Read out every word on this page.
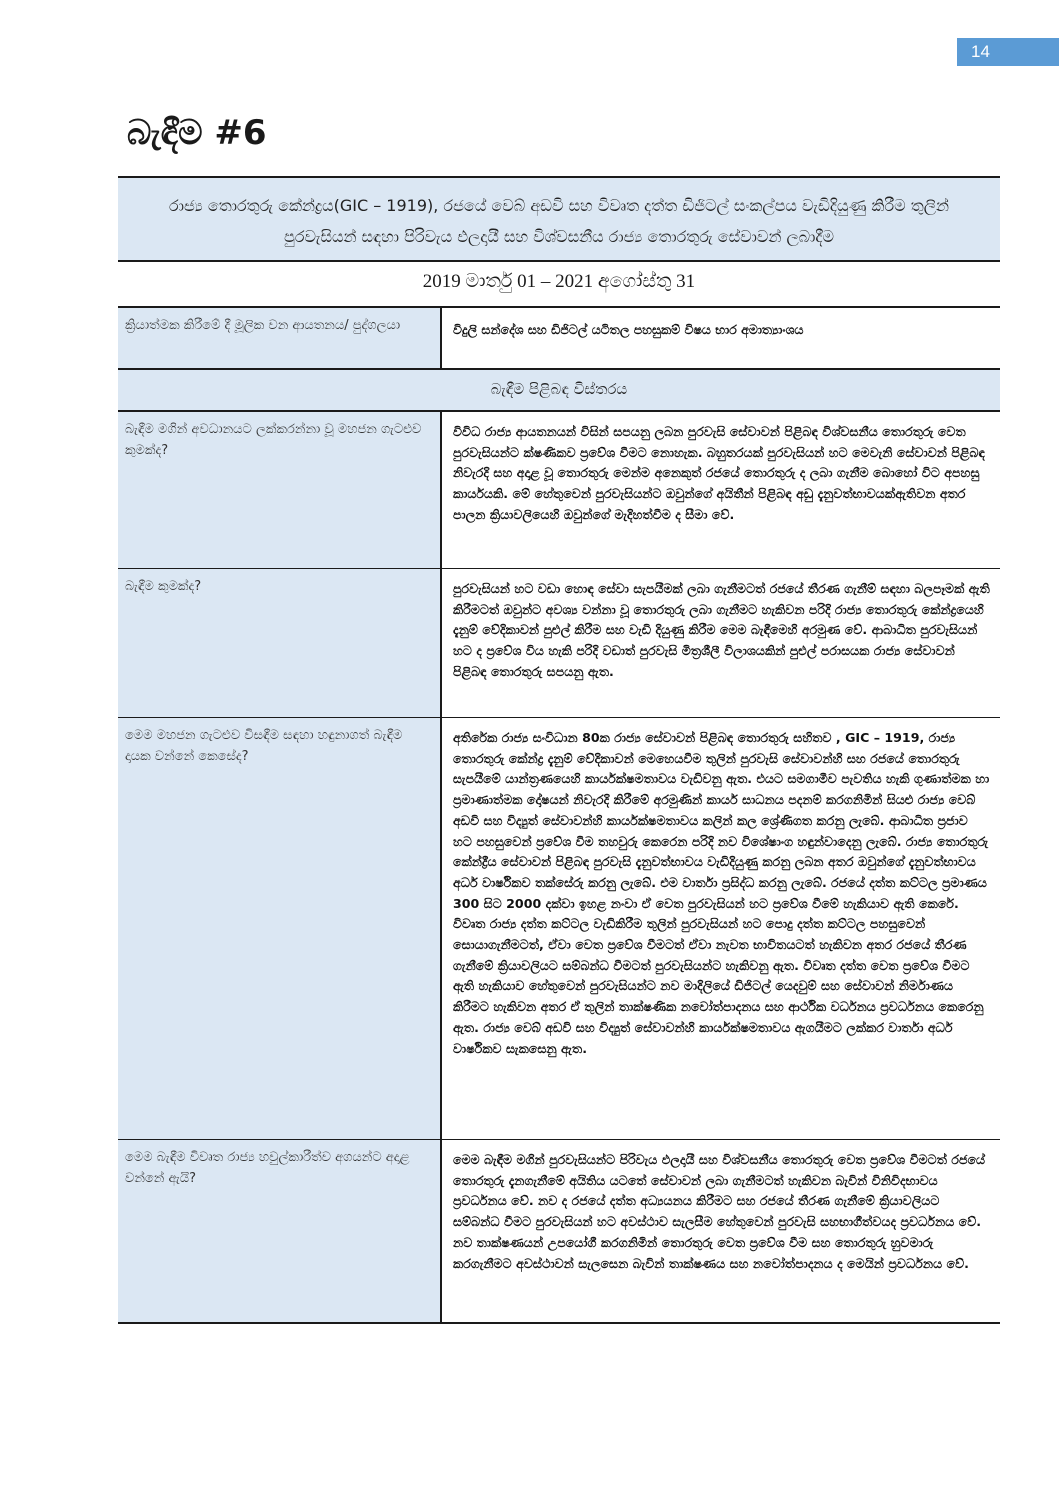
14
බැඳීම #6
රාජ්‍ය තොරතුරු කේන්ද්‍රය(GIC – 1919), රජයේ වෙබ් අඩවි සහ විවෘත දත්ත ඩිජිටල් සංකල්පය වැඩිදියුණු කිරීම තුලින් පුරවැසියන් සඳහා පිරිවැය ඵලදායී සහ විශ්වසනීය රාජ්‍ය තොරතුරු සේවාවන් ලබාදීම
2019 මාර්තු 01 – 2021 අගෝස්තු 31
ක්‍රියාත්මක කිරීමේ දී මූලික වන ආයතනය/ පුද්ගලයා	විදුලි සන්දේශ සහ ඩිජිටල් යටිතල පහසුකම් විෂය භාර අමාත්‍යාංශය
බැඳීම පිළිබඳ විස්තරය
බැඳීම මගින් අවධානයට ලක්කරන්නා වූ මහජන ගැටළුව කුමක්ද?
විවිධ රාජ්‍ය ආයතනයන් විසින් සපයනු ලබන පුරවැසි සේවාවන් පිළිබඳ විශ්වසනීය තොරතුරු වෙත පුරවැසියන්ට ක්ෂණිකව ප්‍රවේශ වීමට නොහැක. බහුතරයක් පුරවැසියන් හට මෙවැනි සේවාවන් පිළිබඳ නිවැරදි සහ අදාළ වූ තොරතුරු මෙන්ම අනෙකුත් රජයේ තොරතුරු ද ලබා ගැනීම බොහෝ විට අපහසු කාර්යයකි. මේ හේතුවෙන් පුරවැසියන්ට ඔවුන්ගේ අයිතීන් පිළිබඳ අඩු දැනුවත්භාවයක්ඇතිවන අතර පාලන ක්‍රියාවලියෙහි ඔවුන්ගේ මැදිහත්වීම ද සීමා වේ.
බැඳීම කුමක්ද?	පුරවැසියන් හට වඩා හොඳ සේවා සැපයීමක් ලබා ගැනීමටත් රජයේ තීරණ ගැනීම් සඳහා බලපෑමක් ඇති කිරීමටත් ඔවුන්ට අවශ්‍ය වන්නා වූ තොරතුරු ලබා ගැනීමට හැකිවන පරිදි රාජ්‍ය තොරතුරු කේන්ද්‍රයෙහි දැනුම් වේදිකාවන් පුළුල් කිරීම සහ වැඩි දියුණු කිරීම මෙම බැඳීමෙහි අරමුණ වේ. ආබාධිත පුරවැසියන් හට ද ප්‍රවේශ විය හැකි පරිදි වඩාත් පුරවැසි මිත්‍රශීලී විලාශයකින් පුළුල් පරාසයක රාජ්‍ය සේවාවන් පිළිබඳ තොරතුරු සපයනු ඇත.
මෙම මහජන ගැටළුව විසඳීම සඳහා හඳුනාගත් බැඳීම දායක වන්නේ කෙසේද?
අතිරේක රාජ්‍ය සංවිධාන 80ක රාජ්‍ය සේවාවන් පිළිබඳ තොරතුරු සහිතව , GIC – 1919, රාජ්‍ය තොරතුරු කේන්ද්‍ර දැනුම් වේදිකාවන් මෙහෙයවීම තුලින් පුරවැසි සේවාවන්හි සහ රජයේ තොරතුරු සැපයීමේ යාන්ත්‍රණයෙහි කාර්යක්ෂමතාවය වැඩිවනු ඇත. එයට සමගාමීව පැවතිය හැකි ගුණාත්මක හා ප්‍රමාණාත්මක දෝෂයන් නිවැරදි කිරීමේ අරමුණින් කාර්ය සාධනය පදනම් කරගනිමින් සියළු රාජ්‍ය වෙබ් අඩවි සහ විද්‍යුත් සේවාවන්හි කාර්යක්ෂමතාවය කලින් කල ශ්‍රේණිගත කරනු ලැබේ. ආබාධිත ප්‍රජාව හට පහසුවෙන් ප්‍රවේශ වීම තහවුරු කෙරෙන පරිදි නව විශේෂාංග හඳුන්වාදෙනු ලැබේ. රාජ්‍ය තොරතුරු කේන්ද්‍රීය සේවාවන් පිළිබඳ පුරවැසි දැනුවත්භාවය වැඩිදියුණු කරනු ලබන අතර ඔවුන්ගේ දැනුවත්භාවය අර්ධ වාර්ෂිකව තක්සේරු කරනු ලැබේ. එම වාර්තා ප්‍රසිද්ධ කරනු ලැබේ. රජයේ දත්ත කට්ටල ප්‍රමාණය 300 සිට 2000 දක්වා ඉහළ නංවා ඒ වෙත පුරවැසියන් හට ප්‍රවේශ වීමේ හැකියාව ඇති කෙරේ. විවෘත රාජ්‍ය දත්ත කට්ටල වැඩිකිරීම තුලින් පුරවැසියන් හට පොදු දත්ත කට්ටල පහසුවෙන් සොයාගැනීමටත්, ඒවා වෙත ප්‍රවේශ වීමටත් ඒවා නැවත භාවිතයටත් හැකිවන අතර රජයේ තීරණ ගැනීමේ ක්‍රියාවලියට සම්බන්ධ වීමටත් පුරවැසියන්ට හැකිවනු ඇත. විවෘත දත්ත වෙත ප්‍රවේශ වීමට ඇති හැකියාව හේතුවෙන් පුරවැසියන්ට නව මාදිලියේ ඩිජිටල් යෙදවුම් සහ සේවාවන් නිර්මාණය කිරීමට හැකිවන අතර ඒ තුලින් තාක්ෂණික නවෝත්පාදනය සහ ආර්ථික වර්ධනය ප්‍රවර්ධනය කෙරෙනු ඇත. රාජ්‍ය වෙබ් අඩවි සහ විද්‍යුත් සේවාවන්හි කාර්යක්ෂමතාවය ඇගයීමට ලක්කර වාර්තා අර්ධ වාර්ෂිකව සැකසෙනු ඇත.
මෙම බැඳීම විවෘත රාජ්‍ය හවුල්කාරීත්ව අගයන්ට අදාළ වන්නේ ඇයි?
මෙම බැඳීම මගින් පුරවැසියන්ට පිරිවැය ඵලදායී සහ විශ්වසනීය තොරතුරු වෙත ප්‍රවේශ වීමටත් රජයේ තොරතුරු දැනගැනීමේ අයිතිය යටතේ සේවාවන් ලබා ගැනීමටත් හැකිවන බැවින් විනිවිදභාවය ප්‍රවර්ධනය වේ. නව ද රජයේ දත්ත අධ්‍යයනය කිරීමට සහ රජයේ තීරණ ගැනීමේ ක්‍රියාවලියට සම්බන්ධ වීමට පුරවැසියන් හට අවස්ථාව සැලසීම හේතුවෙන් පුරවැසි සහභාගීත්වයද ප්‍රවර්ධනය වේ. නව තාක්ෂණයන් උපයෝගී කරගනිමින් තොරතුරු වෙත ප්‍රවේශ වීම සහ තොරතුරු හුවමාරු කරගැනීමට අවස්ථාවන් සැලසෙන බැවින් තාක්ෂණය සහ නවෝත්පාදනය ද මෙයින් ප්‍රවර්ධනය වේ.
